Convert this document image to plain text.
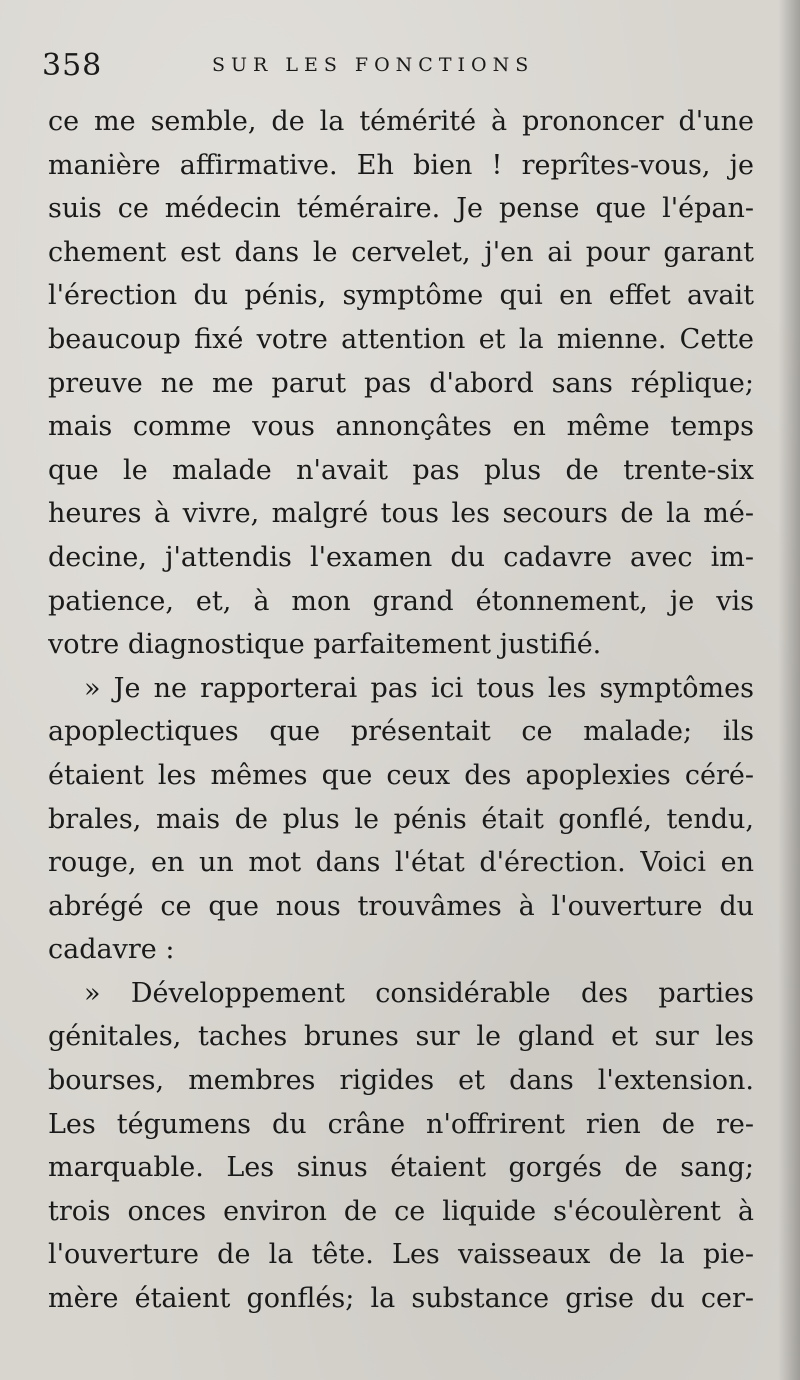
358	SUR LES FONCTIONS
ce me semble, de la témérité à prononcer d'une
manière affirmative. Eh bien ! reprîtes-vous, je
suis ce médecin téméraire. Je pense que l'épan-
chement est dans le cervelet, j'en ai pour garant
l'érection du pénis, symptôme qui en effet avait
beaucoup fixé votre attention et la mienne. Cette
preuve ne me parut pas d'abord sans réplique;
mais comme vous annonçâtes en même temps
que le malade n'avait pas plus de trente-six
heures à vivre, malgré tous les secours de la mé-
decine, j'attendis l'examen du cadavre avec im-
patience, et, à mon grand étonnement, je vis
votre diagnostique parfaitement justifié.
» Je ne rapporterai pas ici tous les symptômes
apoplectiques que présentait ce malade; ils
étaient les mêmes que ceux des apoplexies céré-
brales, mais de plus le pénis était gonflé, tendu,
rouge, en un mot dans l'état d'érection. Voici en
abrégé ce que nous trouvâmes à l'ouverture du
cadavre :
» Développement considérable des parties
génitales, taches brunes sur le gland et sur les
bourses, membres rigides et dans l'extension.
Les tégumens du crâne n'offrirent rien de re-
marquable. Les sinus étaient gorgés de sang;
trois onces environ de ce liquide s'écoulèrent à
l'ouverture de la tête. Les vaisseaux de la pie-
mère étaient gonflés; la substance grise du cer-
